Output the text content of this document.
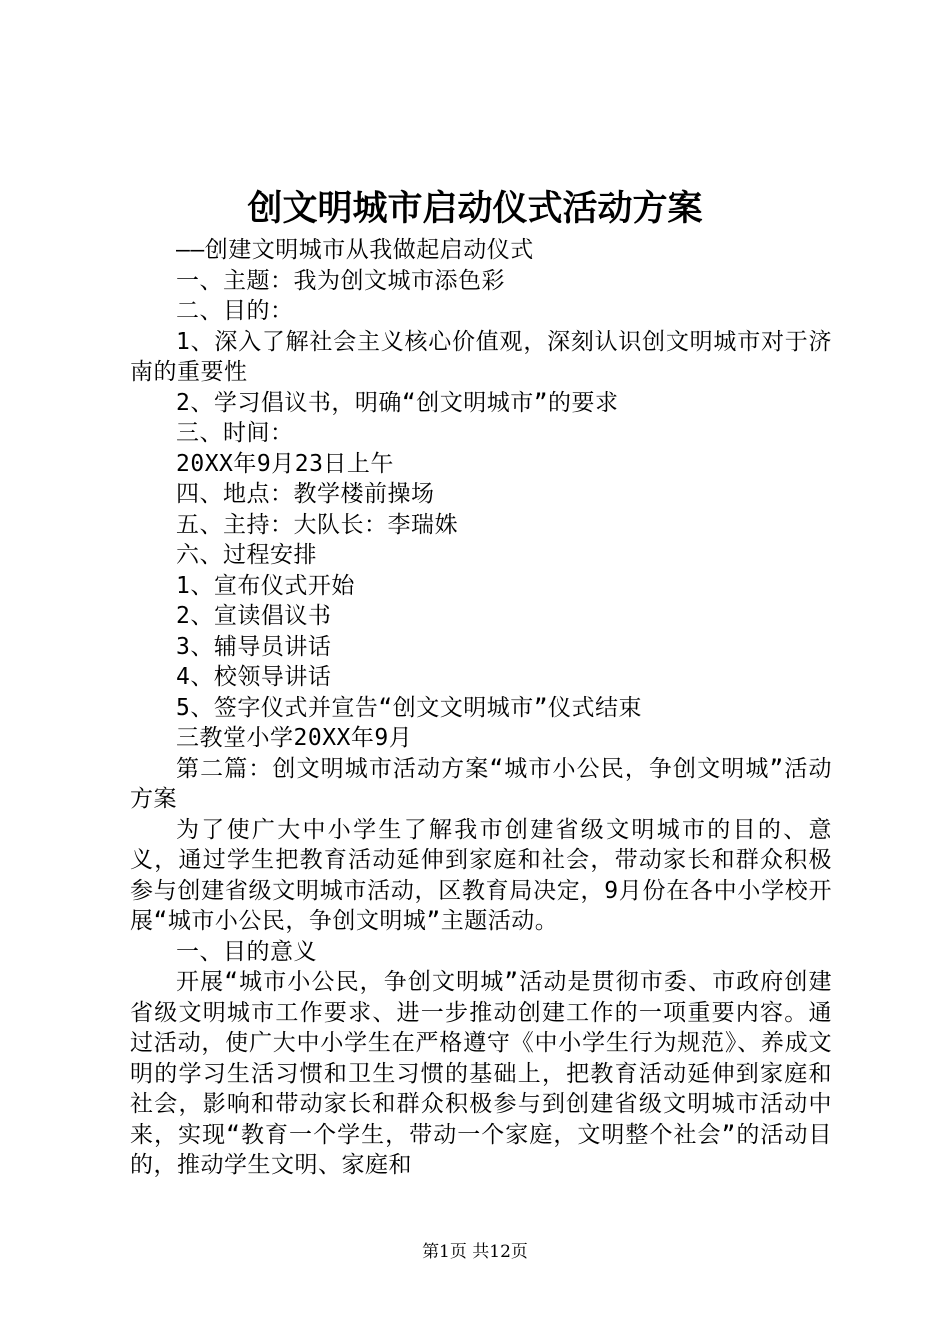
创文明城市启动仪式活动方案

——创建文明城市从我做起启动仪式

一、主题：我为创文城市添色彩

二、目的：

1、深入了解社会主义核心价值观，深刻认识创文明城市对于济南的重要性

2、学习倡议书，明确“创文明城市”的要求

三、时间：

20XX年9月23日上午

四、地点：教学楼前操场

五、主持：大队长：李瑞姝

六、过程安排

1、宣布仪式开始

2、宣读倡议书

3、辅导员讲话

4、校领导讲话

5、签字仪式并宣告“创文文明城市”仪式结束

三教堂小学20XX年9月

第二篇：创文明城市活动方案“城市小公民，争创文明城”活动方案

为了使广大中小学生了解我市创建省级文明城市的目的、意义，通过学生把教育活动延伸到家庭和社会，带动家长和群众积极参与创建省级文明城市活动，区教育局决定，9月份在各中小学校开展“城市小公民，争创文明城”主题活动。

一、目的意义

开展“城市小公民，争创文明城”活动是贯彻市委、市政府创建省级文明城市工作要求、进一步推动创建工作的一项重要内容。通过活动，使广大中小学生在严格遵守《中小学生行为规范》、养成文明的学习生活习惯和卫生习惯的基础上，把教育活动延伸到家庭和社会，影响和带动家长和群众积极参与到创建省级文明城市活动中来，实现“教育一个学生，带动一个家庭，文明整个社会”的活动目的，推动学生文明、家庭和

第1页 共12页
